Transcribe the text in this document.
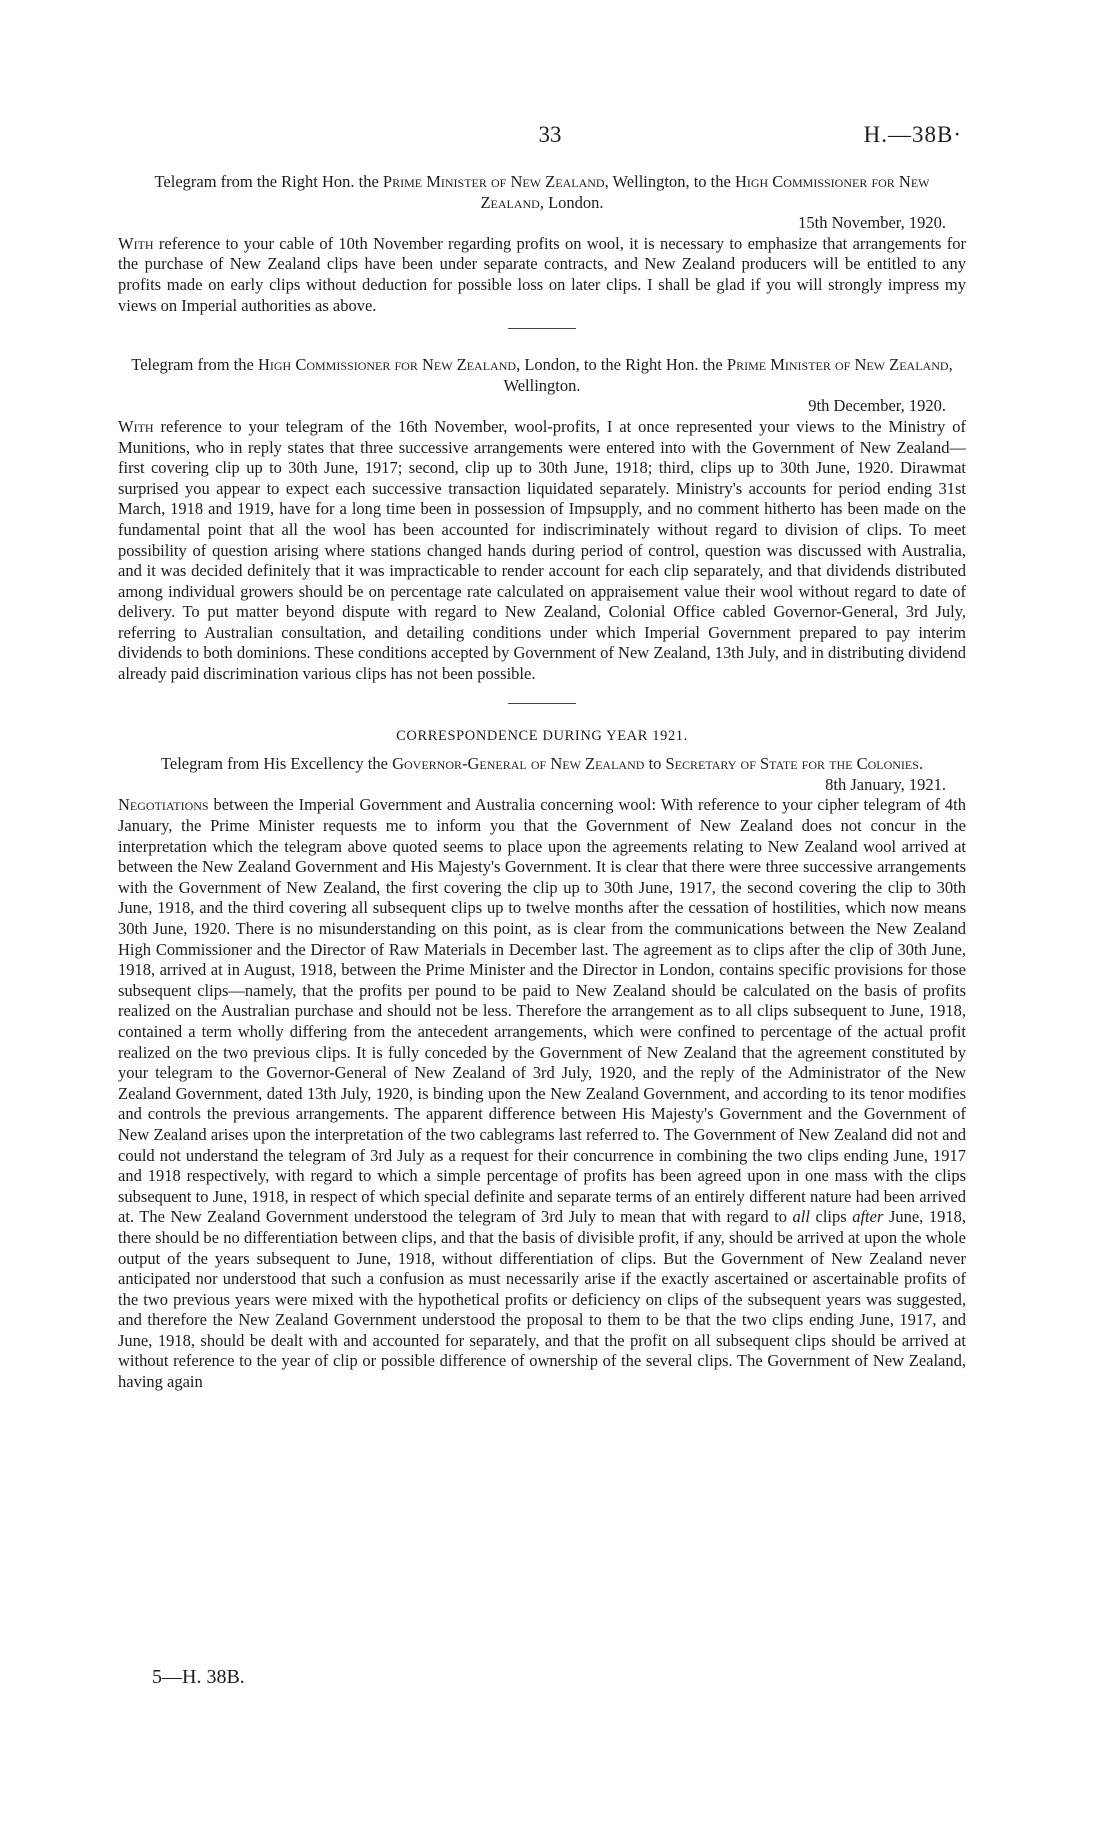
33	H.—38B·

Telegram from the Right Hon. the Prime Minister of New Zealand, Wellington, to the High Commissioner for New Zealand, London.

15th November, 1920.

With reference to your cable of 10th November regarding profits on wool, it is necessary to emphasize that arrangements for the purchase of New Zealand clips have been under separate contracts, and New Zealand producers will be entitled to any profits made on early clips without deduction for possible loss on later clips. I shall be glad if you will strongly impress my views on Imperial authorities as above.

Telegram from the High Commissioner for New Zealand, London, to the Right Hon. the Prime Minister of New Zealand, Wellington.

9th December, 1920.

With reference to your telegram of the 16th November, wool-profits, I at once represented your views to the Ministry of Munitions, who in reply states that three successive arrangements were entered into with the Government of New Zealand—first covering clip up to 30th June, 1917; second, clip up to 30th June, 1918; third, clips up to 30th June, 1920. Dirawmat surprised you appear to expect each successive transaction liquidated separately. Ministry's accounts for period ending 31st March, 1918 and 1919, have for a long time been in possession of Impsupply, and no comment hitherto has been made on the fundamental point that all the wool has been accounted for indiscriminately without regard to division of clips. To meet possibility of question arising where stations changed hands during period of control, question was discussed with Australia, and it was decided definitely that it was impracticable to render account for each clip separately, and that dividends distributed among individual growers should be on percentage rate calculated on appraisement value their wool without regard to date of delivery. To put matter beyond dispute with regard to New Zealand, Colonial Office cabled Governor-General, 3rd July, referring to Australian consultation, and detailing conditions under which Imperial Government prepared to pay interim dividends to both dominions. These conditions accepted by Government of New Zealand, 13th July, and in distributing dividend already paid discrimination various clips has not been possible.

CORRESPONDENCE DURING YEAR 1921.

Telegram from His Excellency the Governor-General of New Zealand to Secretary of State for the Colonies.

8th January, 1921.

Negotiations between the Imperial Government and Australia concerning wool: With reference to your cipher telegram of 4th January, the Prime Minister requests me to inform you that the Government of New Zealand does not concur in the interpretation which the telegram above quoted seems to place upon the agreements relating to New Zealand wool arrived at between the New Zealand Government and His Majesty's Government. It is clear that there were three successive arrangements with the Government of New Zealand, the first covering the clip up to 30th June, 1917, the second covering the clip to 30th June, 1918, and the third covering all subsequent clips up to twelve months after the cessation of hostilities, which now means 30th June, 1920. There is no misunderstanding on this point, as is clear from the communications between the New Zealand High Commissioner and the Director of Raw Materials in December last. The agreement as to clips after the clip of 30th June, 1918, arrived at in August, 1918, between the Prime Minister and the Director in London, contains specific provisions for those subsequent clips—namely, that the profits per pound to be paid to New Zealand should be calculated on the basis of profits realized on the Australian purchase and should not be less. Therefore the arrangement as to all clips subsequent to June, 1918, contained a term wholly differing from the antecedent arrangements, which were confined to percentage of the actual profit realized on the two previous clips. It is fully conceded by the Government of New Zealand that the agreement constituted by your telegram to the Governor-General of New Zealand of 3rd July, 1920, and the reply of the Administrator of the New Zealand Government, dated 13th July, 1920, is binding upon the New Zealand Government, and according to its tenor modifies and controls the previous arrangements. The apparent difference between His Majesty's Government and the Government of New Zealand arises upon the interpretation of the two cablegrams last referred to. The Government of New Zealand did not and could not understand the telegram of 3rd July as a request for their concurrence in combining the two clips ending June, 1917 and 1918 respectively, with regard to which a simple percentage of profits has been agreed upon in one mass with the clips subsequent to June, 1918, in respect of which special definite and separate terms of an entirely different nature had been arrived at. The New Zealand Government understood the telegram of 3rd July to mean that with regard to all clips after June, 1918, there should be no differentiation between clips, and that the basis of divisible profit, if any, should be arrived at upon the whole output of the years subsequent to June, 1918, without differentiation of clips. But the Government of New Zealand never anticipated nor understood that such a confusion as must necessarily arise if the exactly ascertained or ascertainable profits of the two previous years were mixed with the hypothetical profits or deficiency on clips of the subsequent years was suggested, and therefore the New Zealand Government understood the proposal to them to be that the two clips ending June, 1917, and June, 1918, should be dealt with and accounted for separately, and that the profit on all subsequent clips should be arrived at without reference to the year of clip or possible difference of ownership of the several clips. The Government of New Zealand, having again

5—H. 38B.
